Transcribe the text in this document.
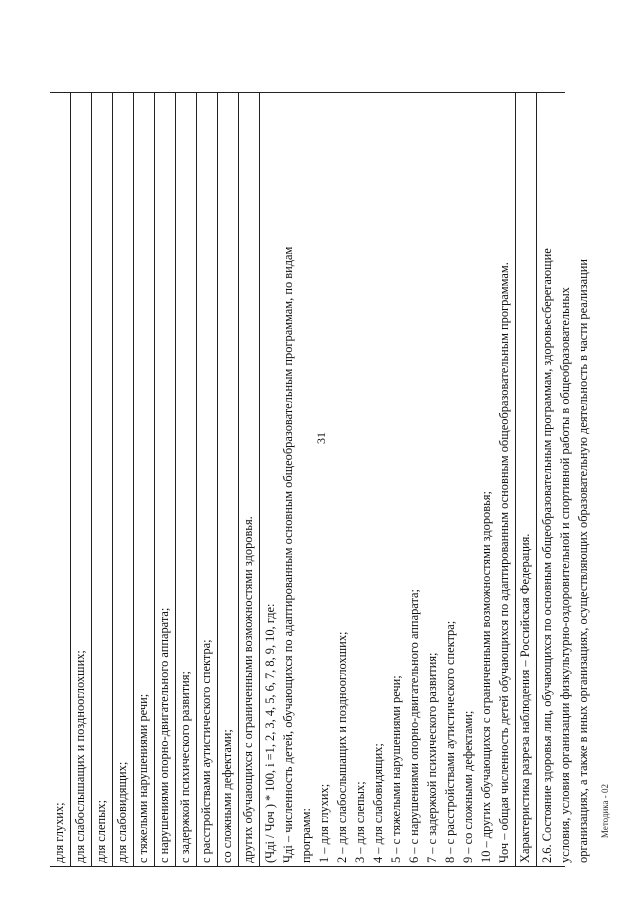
31
для глухих; для слабослышащих и позднооглохших; для слепых; для слабовидящих; с тяжелыми нарушениями речи; с нарушениями опорно-двигательного аппарата; с задержкой психического развития; с расстройствами аутистического спектра; со сложными дефектами; других обучающихся с ограниченными возможностями здоровья. (Чдi / Чоч ) * 100, i =1, 2, 3, 4, 5, 6, 7, 8, 9, 10, где: Чдi – численность детей, обучающихся по адаптированным основным общеобразовательным программам, по видам программ: 1 – для глухих; 2 – для слабослышащих и позднооглохших; 3 – для слепых; 4 – для слабовидящих; 5 – с тяжелыми нарушениями речи; 6 – с нарушениями опорно-двигательного аппарата; 7 – с задержкой психического развития; 8 – с расстройствами аутистического спектра; 9 – со сложными дефектами; 10 – других обучающихся с ограниченными возможностями здоровья; Чоч – общая численность детей обучающихся по адаптированным основным общеобразовательным программам. Характеристика разреза наблюдения – Российская Федерация. 2.6. Состояние здоровья лиц, обучающихся по основным общеобразовательным программам, здоровьесберегающие условия, условия организации физкультурно-оздоровительной и спортивной работы в общеобразовательных организациях, а также в иных организациях, осуществляющих образовательную деятельность в части реализации Методика - 02
